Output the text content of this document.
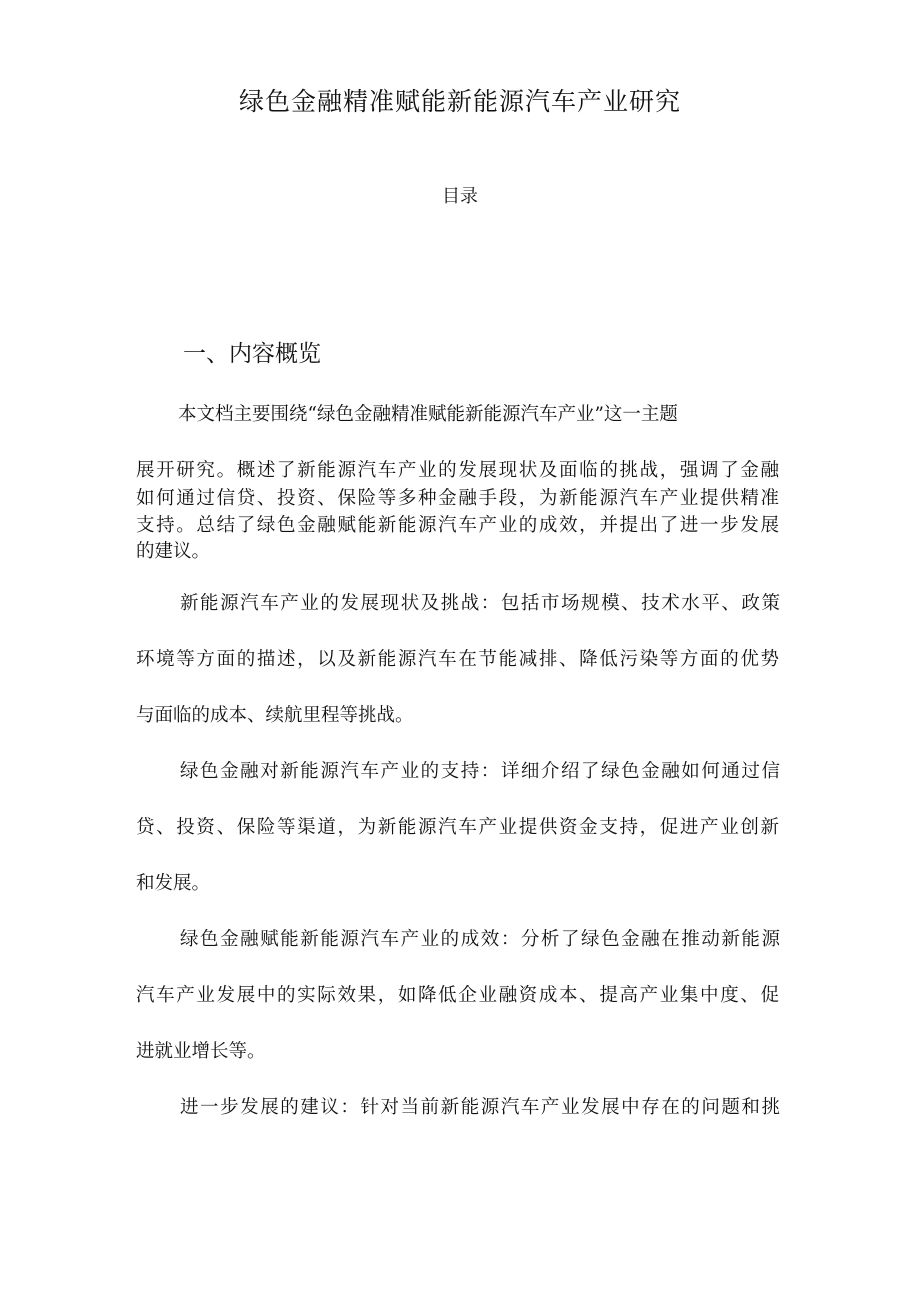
绿色金融精准赋能新能源汽车产业研究
目录
一、内容概览
本文档主要围绕“绿色金融精准赋能新能源汽车产业”这一主题
展开研究。概述了新能源汽车产业的发展现状及面临的挑战，强调了金融
如何通过信贷、投资、保险等多种金融手段，为新能源汽车产业提供精准
支持。总结了绿色金融赋能新能源汽车产业的成效，并提出了进一步发展
的建议。
新能源汽车产业的发展现状及挑战：包括市场规模、技术水平、政策
环境等方面的描述，以及新能源汽车在节能减排、降低污染等方面的优势
与面临的成本、续航里程等挑战。
绿色金融对新能源汽车产业的支持：详细介绍了绿色金融如何通过信
贷、投资、保险等渠道，为新能源汽车产业提供资金支持，促进产业创新
和发展。
绿色金融赋能新能源汽车产业的成效：分析了绿色金融在推动新能源
汽车产业发展中的实际效果，如降低企业融资成本、提高产业集中度、促
进就业增长等。
进一步发展的建议：针对当前新能源汽车产业发展中存在的问题和挑
